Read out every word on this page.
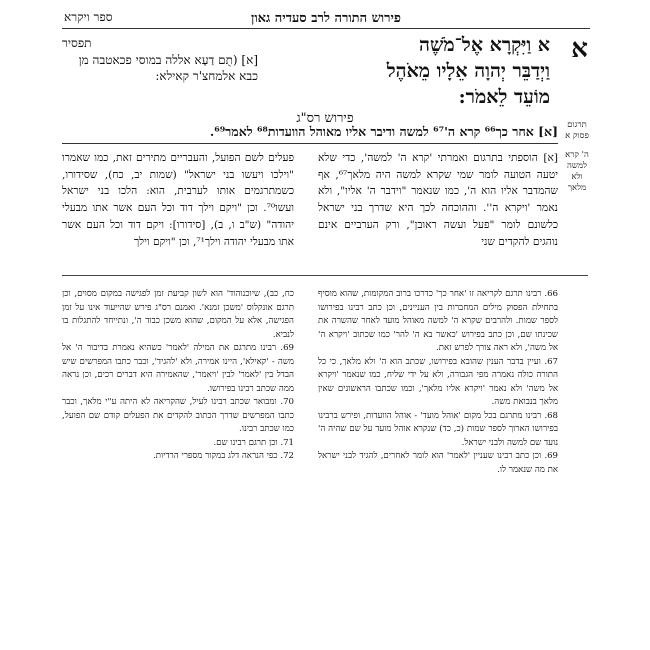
פירוש התורה לרב סעדיה גאון
ספר ויקרא
א
א וַיִּקְרָא אֶל־מֹשֶׁה וַיְדַבֵּר יְהוָה אֵלָיו מֵאֹהֶל מוֹעֵד לֵאמֹר:
תפסיר
[א] (תֻם דַעָא אללה במוסי פכאטבה מן כבא אלמחצ'ר קאילא:
פירוש רס"ג
[א] אחר כך⁶⁶ קרא ה'⁶⁷ למשה ודיבר אליו מאוהל הוועדות⁶⁸ לאמר⁶⁹.	תרגום פסוק א
ה' קרא למשה ולא מלאך
[א] הוספתי בתרגום ואמרתי 'קרא ה' למשה', כדי שלא יטעה הטועה לומר שמי שקרא למשה היה מלאך⁶⁷, אף שהמדבר אליו הוא ה', כמו שנאמר "וידבר ה' אליו", ולא נאמר 'ויקרא ה''. וההוכחה לכך היא שדרך בני ישראל כלשונם לומר "פעל ועשה ראובן", ורק הערביים אינם נוהגים להקדים שני
פעלים לשם הפועל, והעבריים מתירים זאת, כמו שאמרו "וילכו ויעשו בני ישראל" (שמות יב, כח), שסידורו, כשמתרגמים אותו לערבית, הוא: הלכו בני ישראל ועשו⁷⁰. וכן "ויקם וילך דוד וכל העם אשר אתו מבעלי יהודה" (ש"ב ו, ב), [סידורו]: ויקם דוד וכל העם אשר אתו מבעלי יהודה וילך⁷¹, וכן "ויקם וילך

66. רבינו תרגם לקריאה זו 'אחר כך' כדרכו ברוב המקומות, שהוא מוסיף בתחילת הפסוק מילים המחברות בין העניינים, וכן כתב רבינו בפירושו לספר שמות. ולהרבים שקרא ה' למשה מאוהל מועד לאחר שהשרה את שכינתו שם, וכן כתב בפירוש 'כאשר בא ה' להר' כמו שכתוב 'ויקרא ה' אל משה', ולא ראה צורך לפרש זאת.

67. ועיין בדבר הענין שהובא בפירושו, שכתב הוא ה' ולא מלאך, כי כל התורה כולה נאמרה מפי הגבורה, ולא על ידי שליח, כמו שנאמר 'ויקרא אל משה' ולא נאמר 'ויקרא אליו מלאך', וכמו שכתבו הראשונים שאין מלאך בנבואת משה.

68. רבינו מתרגם בכל מקום 'אוהל מועד' - אוהל הוועדות, ופירש ברבינו בפירושו הארוך לספר שמות (כ, כד) שנקרא אוהל מועד על שם שהיה ה' נועד שם למשה ולבני ישראל.

69. וכן כתב רבינו שעניין 'לאמר' הוא לומר לאחרים, להגיד לבני ישראל את מה שנאמר לו.

כח, כב), שיוכנוהוד' הוא לשון קביעת זמן לפגישה במקום מסוים, וכן תרגם אונקלוס 'משכן זמנא'. ואמנם רס"ג פירש שהייעוד אינו על זמן הפגישה, אלא על המקום, שהוא משכן כבוד ה', ונתייחד להתגלות בו לנביא.

69. רבינו מתרגם את המילה 'לאמר' כשהיא נאמרת בדיבור ה' אל משה - 'קאילא', היינו אמירה, ולא 'להגיד', וכבר כתבו המפרשים שיש הבדל בין 'לאמר' לבין 'ויאמר', שהאמירה היא דברים רכים, וכן נראה ממה שכתב רבינו בפירושו.

70. ומבואר שכתב רבינו לעיל, שהקריאה לא היתה ע"י מלאך, וכבר כתבו המפרשים שדרך הכתוב להקדים את הפעלים קודם שם הפועל, כמו שכתב רבינו.

71. וכן תרגם רבינו שם.

72. כפי הנראה דלג במקור מספרי הרדיות.
